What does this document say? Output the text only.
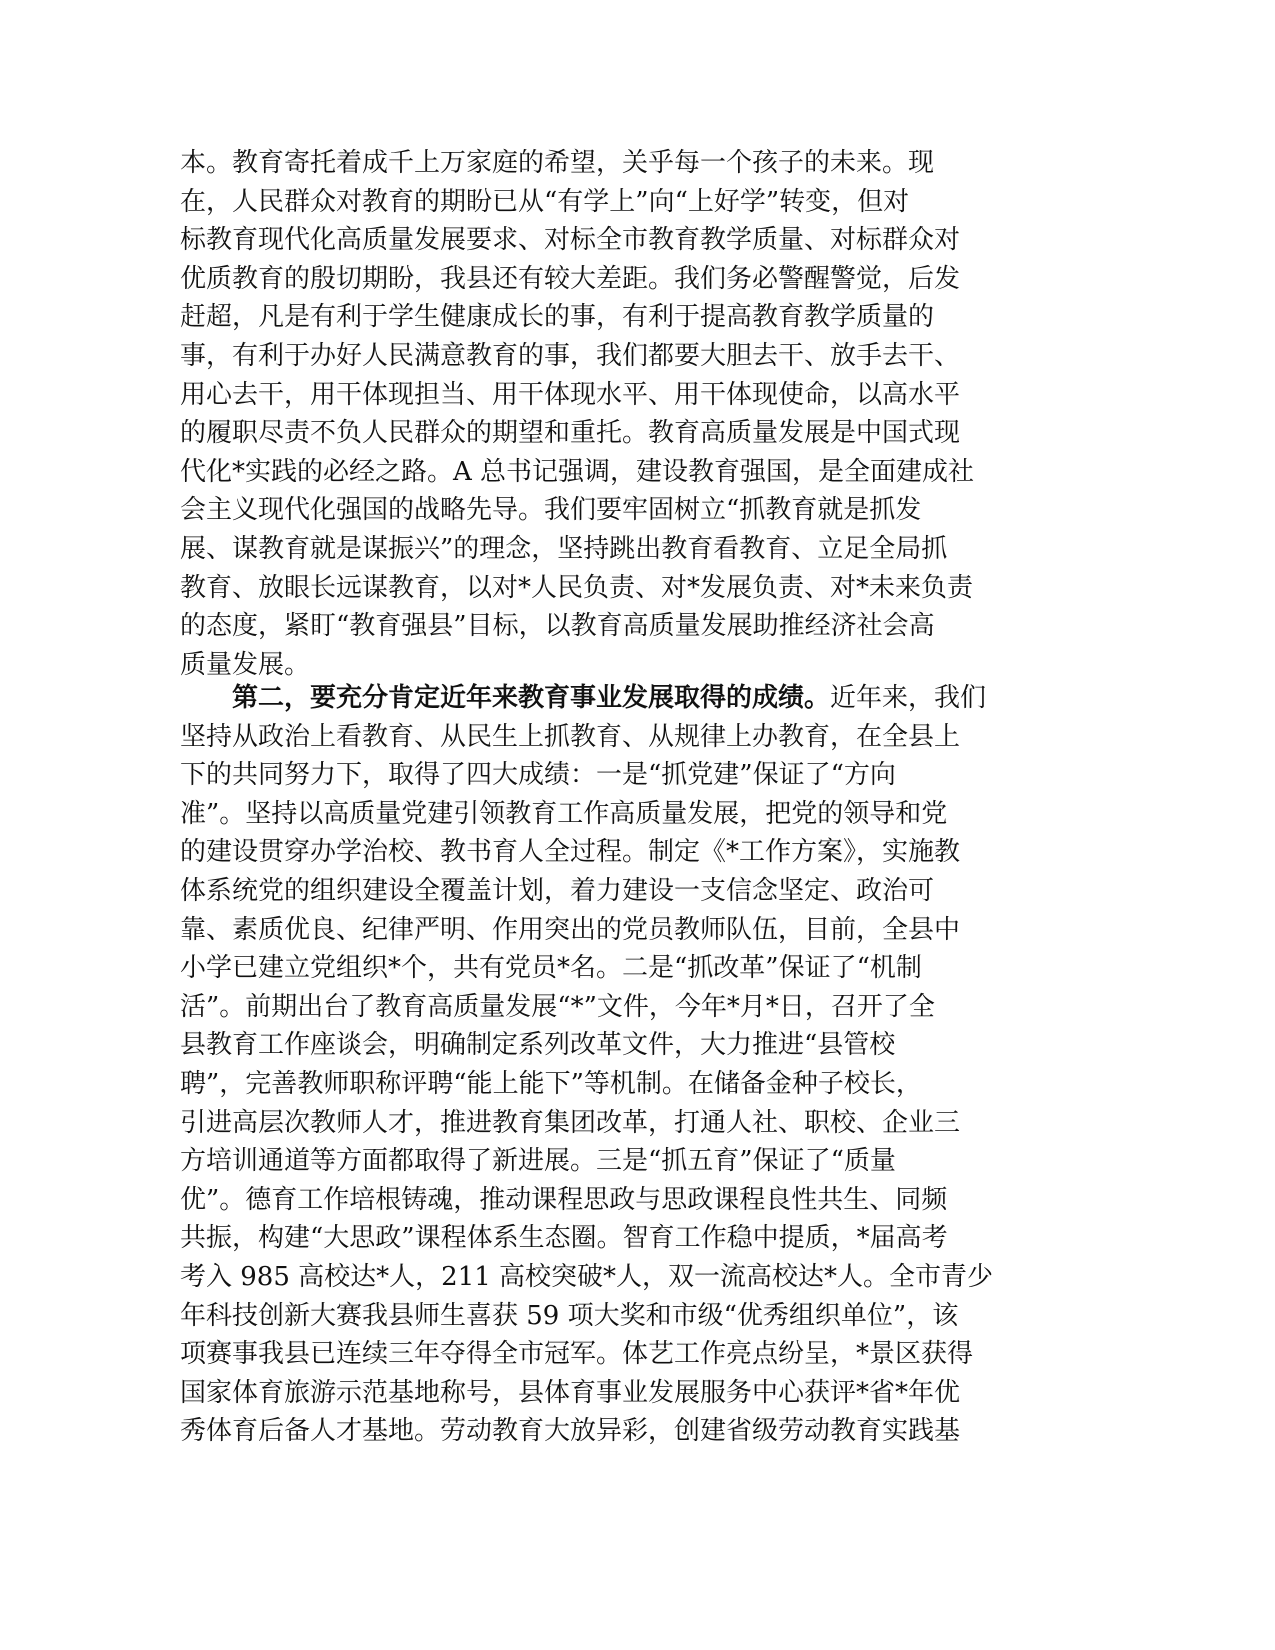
本。教育寄托着成千上万家庭的希望，关乎每一个孩子的未来。现
在，人民群众对教育的期盼已从“有学上”向“上好学”转变，但对
标教育现代化高质量发展要求、对标全市教育教学质量、对标群众对
优质教育的殷切期盼，我县还有较大差距。我们务必警醒警觉，后发
赶超，凡是有利于学生健康成长的事，有利于提高教育教学质量的
事，有利于办好人民满意教育的事，我们都要大胆去干、放手去干、
用心去干，用干体现担当、用干体现水平、用干体现使命，以高水平
的履职尽责不负人民群众的期望和重托。教育高质量发展是中国式现
代化*实践的必经之路。A 总书记强调，建设教育强国，是全面建成社
会主义现代化强国的战略先导。我们要牢固树立“抓教育就是抓发
展、谋教育就是谋振兴”的理念，坚持跳出教育看教育、立足全局抓
教育、放眼长远谋教育，以对*人民负责、对*发展负责、对*未来负责
的态度，紧盯“教育强县”目标，以教育高质量发展助推经济社会高
质量发展。
第二，要充分肯定近年来教育事业发展取得的成绩。近年来，我们
坚持从政治上看教育、从民生上抓教育、从规律上办教育，在全县上
下的共同努力下，取得了四大成绩：一是“抓党建”保证了“方向
准”。坚持以高质量党建引领教育工作高质量发展，把党的领导和党
的建设贯穿办学治校、教书育人全过程。制定《*工作方案》，实施教
体系统党的组织建设全覆盖计划，着力建设一支信念坚定、政治可
靠、素质优良、纪律严明、作用突出的党员教师队伍，目前，全县中
小学已建立党组织*个，共有党员*名。二是“抓改革”保证了“机制
活”。前期出台了教育高质量发展“*”文件，今年*月*日，召开了全
县教育工作座谈会，明确制定系列改革文件，大力推进“县管校
聘”，完善教师职称评聘“能上能下”等机制。在储备金种子校长，
引进高层次教师人才，推进教育集团改革，打通人社、职校、企业三
方培训通道等方面都取得了新进展。三是“抓五育”保证了“质量
优”。德育工作培根铸魂，推动课程思政与思政课程良性共生、同频
共振，构建“大思政”课程体系生态圈。智育工作稳中提质，*届高考
考入 985 高校达*人，211 高校突破*人，双一流高校达*人。全市青少
年科技创新大赛我县师生喜获 59 项大奖和市级“优秀组织单位”，该
项赛事我县已连续三年夺得全市冠军。体艺工作亮点纷呈，*景区获得
国家体育旅游示范基地称号，县体育事业发展服务中心获评*省*年优
秀体育后备人才基地。劳动教育大放异彩，创建省级劳动教育实践基
